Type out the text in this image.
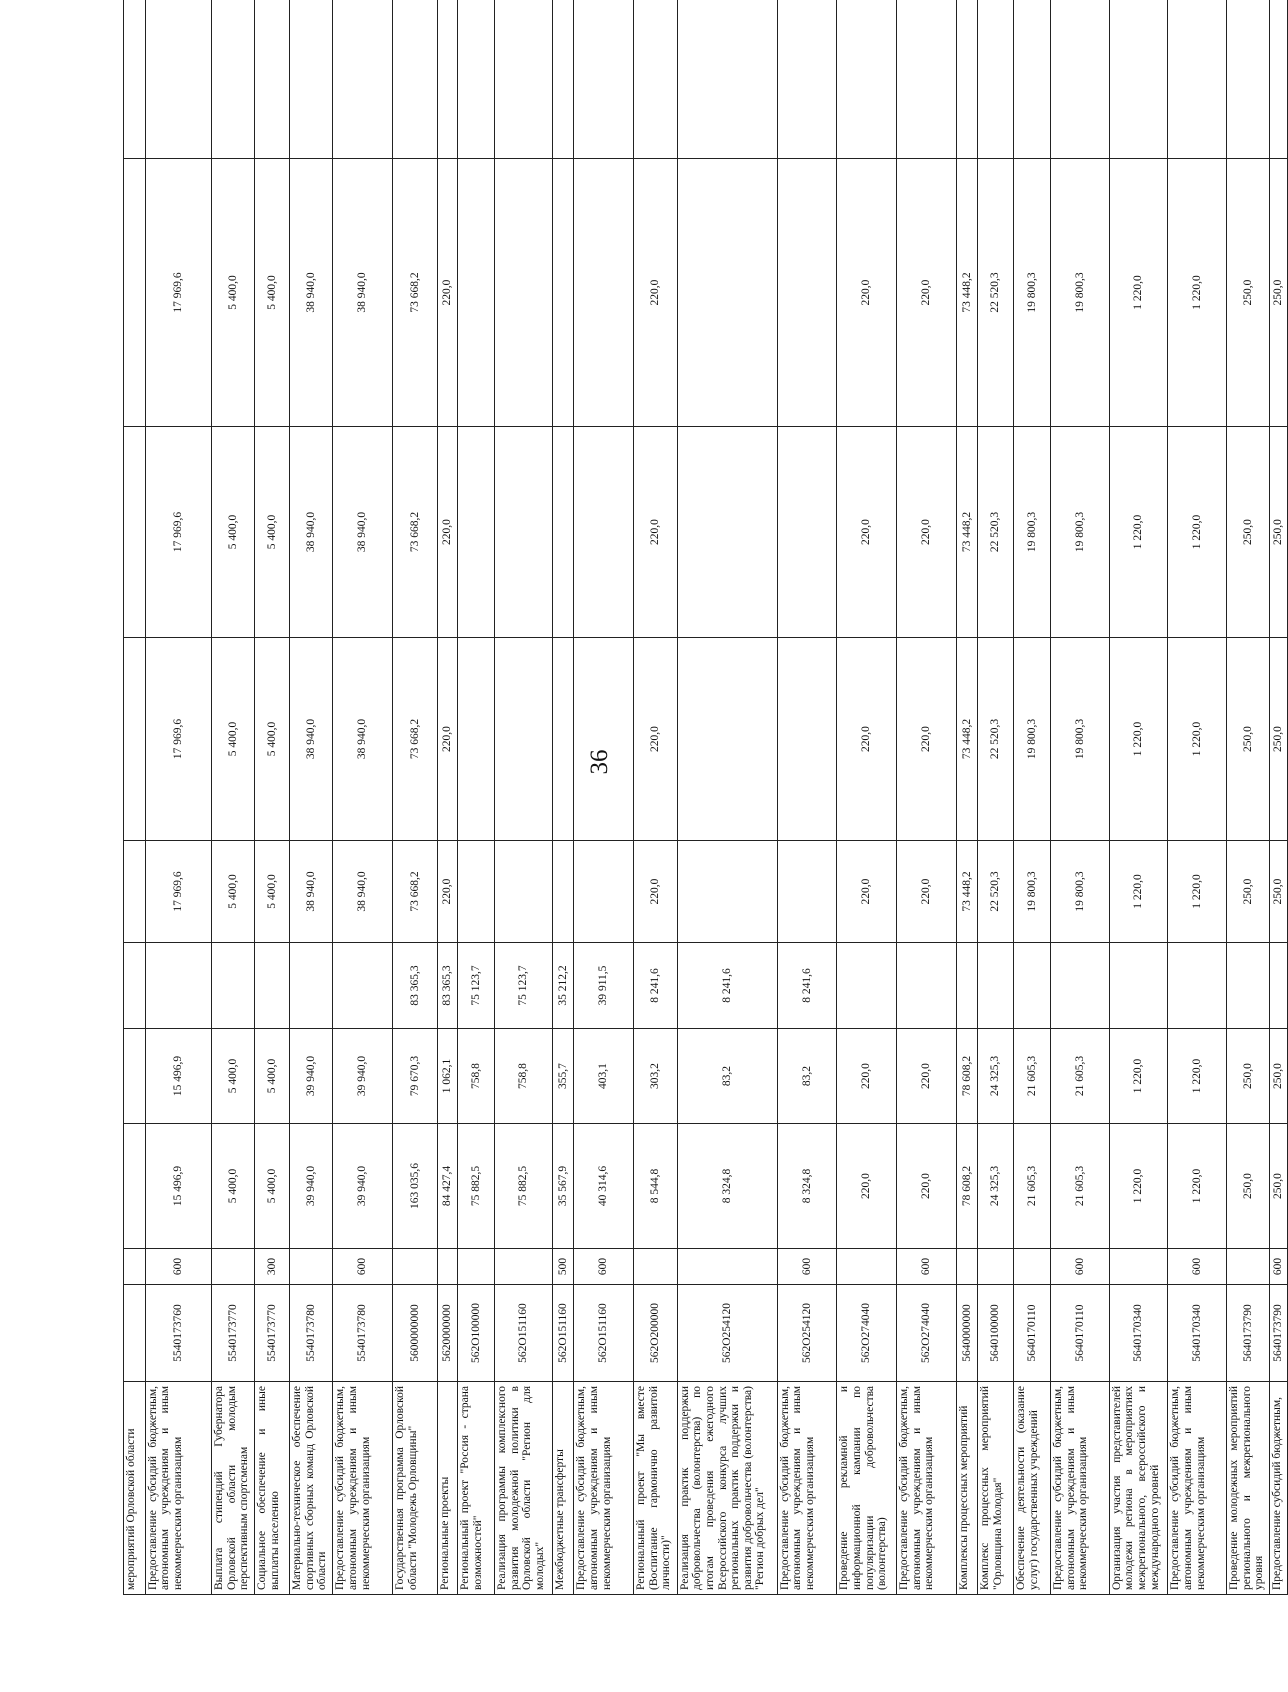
36
мероприятий Орловской области										
Предоставление субсидий бюджетным, автономным учреждениям и иным некоммерческим организациям	5540173760	600	15 496,9	15 496,9		17 969,6	17 969,6	17 969,6	17 969,6	
Выплата стипендий Губернатора Орловской области молодым перспективным спортсменам	5540173770		5 400,0	5 400,0		5 400,0	5 400,0	5 400,0	5 400,0	
Социальное обеспечение и иные выплаты населению	5540173770	300	5 400,0	5 400,0		5 400,0	5 400,0	5 400,0	5 400,0	
Материально-техническое обеспечение спортивных сборных команд Орловской области	5540173780		39 940,0	39 940,0		38 940,0	38 940,0	38 940,0	38 940,0	
Предоставление субсидий бюджетным, автономным учреждениям и иным некоммерческим организациям	5540173780	600	39 940,0	39 940,0		38 940,0	38 940,0	38 940,0	38 940,0	
Государственная программа Орловской области "Молодежь Орловщины"	5600000000		163 035,6	79 670,3	83 365,3	73 668,2	73 668,2	73 668,2	73 668,2	
Региональные проекты	5620000000		84 427,4	1 062,1	83 365,3	220,0	220,0	220,0	220,0	
Региональный проект "Россия - страна возможностей"	562O100000		75 882,5	758,8	75 123,7					
Реализация программы комплексного развития молодежной политики в Орловской области "Регион для молодых"	562O151160		75 882,5	758,8	75 123,7					
Межбюджетные трансферты	562O151160	500	35 567,9	355,7	35 212,2					
Предоставление субсидий бюджетным, автономным учреждениям и иным некоммерческим организациям	562O151160	600	40 314,6	403,1	39 911,5					
Региональный проект "Мы вместе (Воспитание гармонично развитой личности)"	562O200000		8 544,8	303,2	8 241,6	220,0	220,0	220,0	220,0	
Реализация практик поддержки добровольчества (волонтерства) по итогам проведения ежегодного Всероссийского конкурса лучших региональных практик поддержки и развития добровольчества (волонтерства) "Регион добрых дел"	562O254120		8 324,8	83,2	8 241,6					
Предоставление субсидий бюджетным, автономным учреждениям и иным некоммерческим организациям	562O254120	600	8 324,8	83,2	8 241,6					
Проведение рекламной и информационной кампании по популяризации добровольчества (волонтерства)	562O274040		220,0	220,0		220,0	220,0	220,0	220,0	
Предоставление субсидий бюджетным, автономным учреждениям и иным некоммерческим организациям	562O274040	600	220,0	220,0		220,0	220,0	220,0	220,0	
Комплексы процессных мероприятий	5640000000		78 608,2	78 608,2		73 448,2	73 448,2	73 448,2	73 448,2	
Комплекс процессных мероприятий "Орловщина Молодая"	5640100000		24 325,3	24 325,3		22 520,3	22 520,3	22 520,3	22 520,3	
Обеспечение деятельности (оказание услуг) государственных учреждений	5640170110		21 605,3	21 605,3		19 800,3	19 800,3	19 800,3	19 800,3	
Предоставление субсидий бюджетным, автономным учреждениям и иным некоммерческим организациям	5640170110	600	21 605,3	21 605,3		19 800,3	19 800,3	19 800,3	19 800,3	
Организация участия представителей молодежи региона в мероприятиях межрегионального, всероссийского и международного уровней	5640170340		1 220,0	1 220,0		1 220,0	1 220,0	1 220,0	1 220,0	
Предоставление субсидий бюджетным, автономным учреждениям и иным некоммерческим организациям	5640170340	600	1 220,0	1 220,0		1 220,0	1 220,0	1 220,0	1 220,0	
Проведение молодежных мероприятий регионального и межрегионального уровня	5640173790		250,0	250,0		250,0	250,0	250,0	250,0	
Предоставление субсидий бюджетным,	5640173790	600	250,0	250,0		250,0	250,0	250,0	250,0	
